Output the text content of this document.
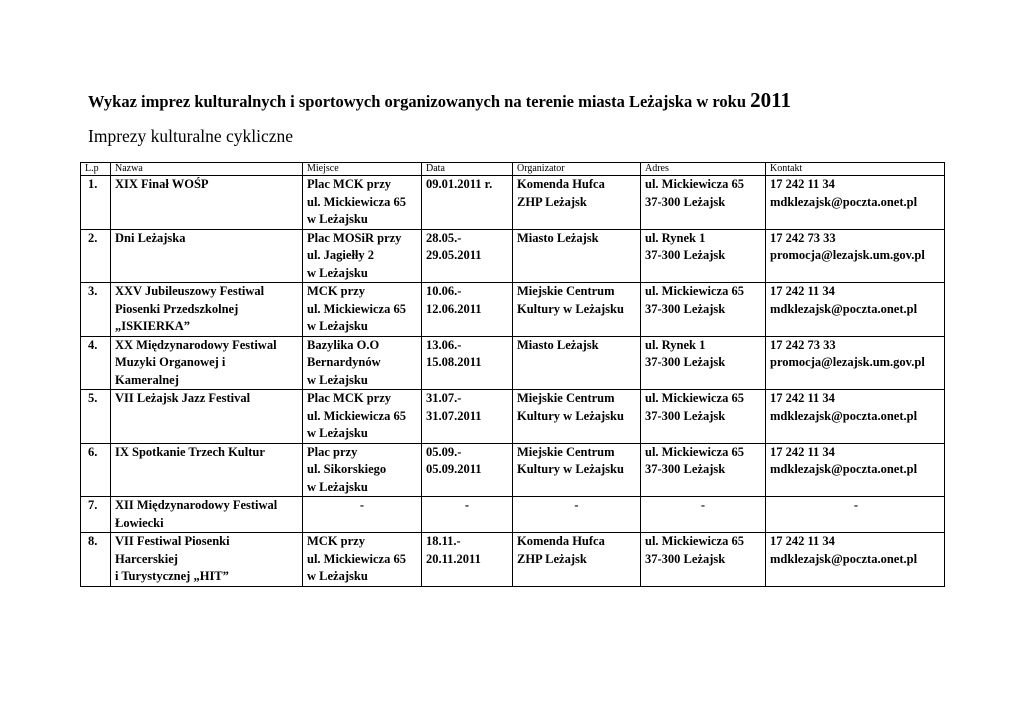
Wykaz imprez kulturalnych i sportowych organizowanych na terenie miasta Leżajska w roku 2011
Imprezy kulturalne cykliczne
L.p	Nazwa	Miejsce	Data	Organizator	Adres	Kontakt
1.	XIX Finał WOŚP	Plac MCK przy
ul. Mickiewicza 65
w Leżajsku	09.01.2011 r.	Komenda Hufca
ZHP Leżajsk	ul. Mickiewicza 65
37-300 Leżajsk	17 242 11 34
mdklezajsk@poczta.onet.pl
2.	Dni Leżajska	Plac MOSiR przy
ul. Jagiełły 2
w Leżajsku	28.05.-
29.05.2011	Miasto Leżajsk	ul. Rynek 1
37-300 Leżajsk	17 242 73 33
promocja@lezajsk.um.gov.pl
3.	XXV Jubileuszowy Festiwal
Piosenki Przedszkolnej
„ISKIERKA”	MCK przy
ul. Mickiewicza 65
w Leżajsku	10.06.-
12.06.2011	Miejskie Centrum
Kultury w Leżajsku	ul. Mickiewicza 65
37-300 Leżajsk	17 242 11 34
mdklezajsk@poczta.onet.pl
4.	XX Międzynarodowy Festiwal
Muzyki Organowej i
Kameralnej	Bazylika O.O
Bernardynów
w Leżajsku	13.06.-
15.08.2011	Miasto Leżajsk	ul. Rynek 1
37-300 Leżajsk	17 242 73 33
promocja@lezajsk.um.gov.pl
5.	VII Leżajsk Jazz Festival	Plac MCK przy
ul. Mickiewicza 65
w Leżajsku	31.07.-
31.07.2011	Miejskie Centrum
Kultury w Leżajsku	ul. Mickiewicza 65
37-300 Leżajsk	17 242 11 34
mdklezajsk@poczta.onet.pl
6.	IX Spotkanie Trzech Kultur	Plac przy
ul. Sikorskiego
w Leżajsku	05.09.-
05.09.2011	Miejskie Centrum
Kultury w Leżajsku	ul. Mickiewicza 65
37-300 Leżajsk	17 242 11 34
mdklezajsk@poczta.onet.pl
7.	XII Międzynarodowy Festiwal
Łowiecki	-	-	-	-	-
8.	VII Festiwal Piosenki
Harcerskiej
i Turystycznej „HIT”	MCK przy
ul. Mickiewicza 65
w Leżajsku	18.11.-
20.11.2011	Komenda Hufca
ZHP Leżajsk	ul. Mickiewicza 65
37-300 Leżajsk	17 242 11 34
mdklezajsk@poczta.onet.pl
